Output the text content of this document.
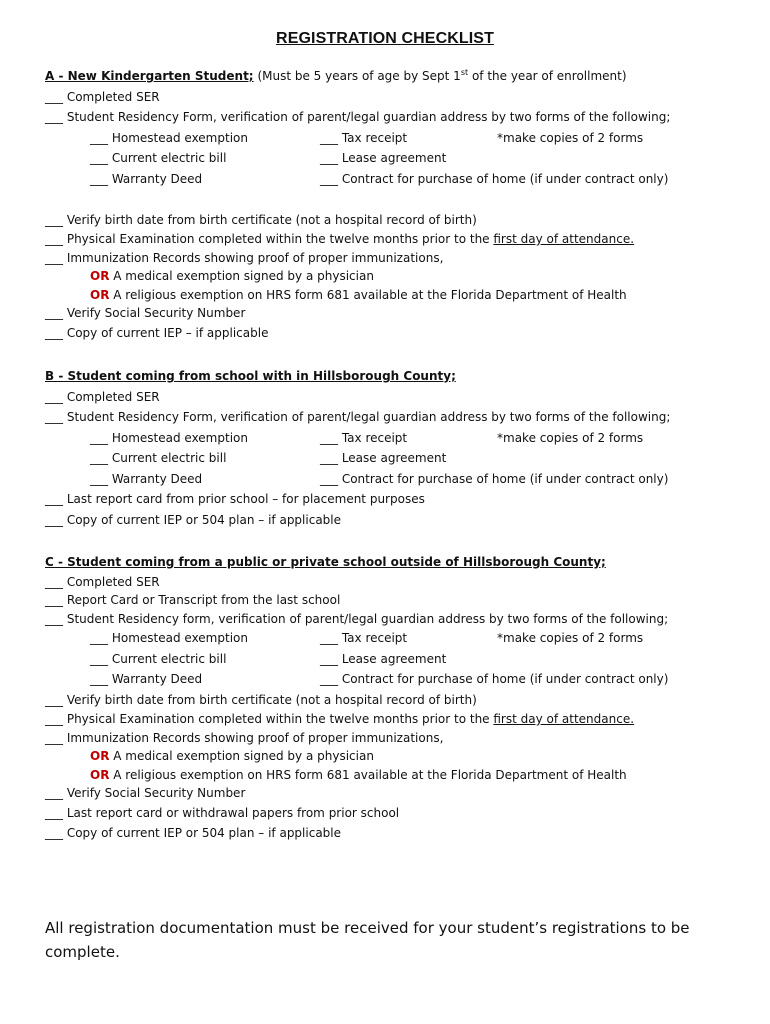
REGISTRATION CHECKLIST
A - New Kindergarten Student; (Must be 5 years of age by Sept 1st of the year of enrollment)
___ Completed SER
___ Student Residency Form, verification of parent/legal guardian address by two forms of the following;
___ Homestead exemption	___ Tax receipt	*make copies of 2 forms
___ Current electric bill	___ Lease agreement
___ Warranty Deed	___ Contract for purchase of home (if under contract only)
___ Verify birth date from birth certificate (not a hospital record of birth)
___ Physical Examination completed within the twelve months prior to the first day of attendance.
___ Immunization Records showing proof of proper immunizations,
OR A medical exemption signed by a physician
OR A religious exemption on HRS form 681 available at the Florida Department of Health
___ Verify Social Security Number
___ Copy of current IEP – if applicable
B - Student coming from school with in Hillsborough County;
___ Completed SER
___ Student Residency Form, verification of parent/legal guardian address by two forms of the following;
___ Homestead exemption	___ Tax receipt	*make copies of 2 forms
___ Current electric bill	___ Lease agreement
___ Warranty Deed	___ Contract for purchase of home (if under contract only)
___ Last report card from prior school – for placement purposes
___ Copy of current IEP or 504 plan – if applicable
C - Student coming from a public or private school outside of Hillsborough County;
___ Completed SER
___ Report Card or Transcript from the last school
___ Student Residency form, verification of parent/legal guardian address by two forms of the following;
___ Homestead exemption	___ Tax receipt	*make copies of 2 forms
___ Current electric bill	___ Lease agreement
___ Warranty Deed	___ Contract for purchase of home (if under contract only)
___ Verify birth date from birth certificate (not a hospital record of birth)
___ Physical Examination completed within the twelve months prior to the first day of attendance.
___ Immunization Records showing proof of proper immunizations,
OR A medical exemption signed by a physician
OR A religious exemption on HRS form 681 available at the Florida Department of Health
___ Verify Social Security Number
___ Last report card or withdrawal papers from prior school
___ Copy of current IEP or 504 plan – if applicable
All registration documentation must be received for your student’s registrations to be complete.
